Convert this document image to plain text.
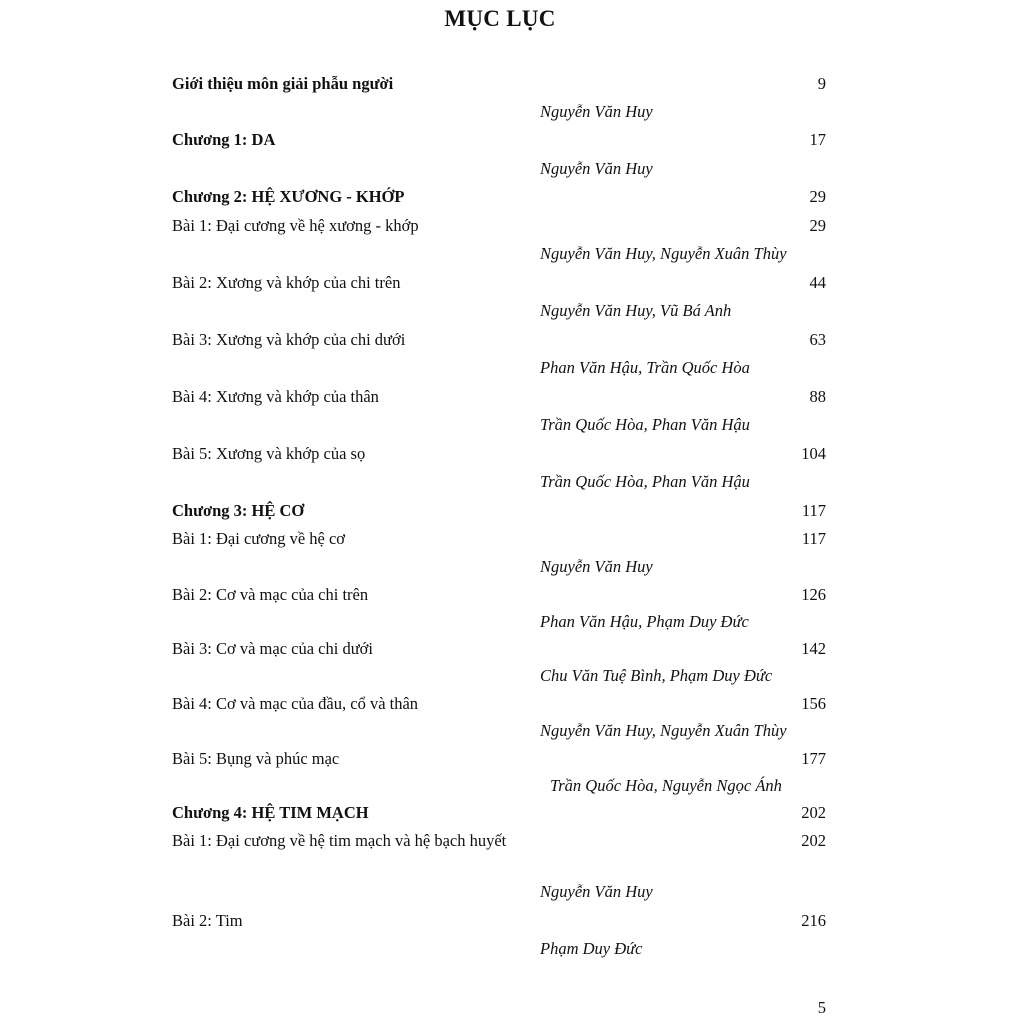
MỤC LỤC
Giới thiệu môn giải phẫu người	9
Nguyễn Văn Huy
Chương 1: DA	17
Nguyễn Văn Huy
Chương 2: HỆ XƯƠNG - KHỚP	29
Bài 1: Đại cương về hệ xương - khớp	29
Nguyễn Văn Huy, Nguyễn Xuân Thùy
Bài 2: Xương và khớp của chi trên	44
Nguyễn Văn Huy, Vũ Bá Anh
Bài 3: Xương và khớp của chi dưới	63
Phan Văn Hậu, Trần Quốc Hòa
Bài 4: Xương và khớp của thân	88
Trần Quốc Hòa, Phan Văn Hậu
Bài 5: Xương và khớp của sọ	104
Trần Quốc Hòa, Phan Văn Hậu
Chương 3: HỆ CƠ	117
Bài 1: Đại cương về hệ cơ	117
Nguyễn Văn Huy
Bài 2: Cơ và mạc của chi trên	126
Phan Văn Hậu, Phạm Duy Đức
Bài 3: Cơ và mạc của chi dưới	142
Chu Văn Tuệ Bình, Phạm Duy Đức
Bài 4: Cơ và mạc của đầu, cổ và thân	156
Nguyễn Văn Huy, Nguyễn Xuân Thùy
Bài 5: Bụng và phúc mạc	177
Trần Quốc Hòa, Nguyễn Ngọc Ánh
Chương 4: HỆ TIM MẠCH	202
Bài 1: Đại cương về hệ tim mạch và hệ bạch huyết	202
Nguyễn Văn Huy
Bài 2: Tim	216
Phạm Duy Đức
5
